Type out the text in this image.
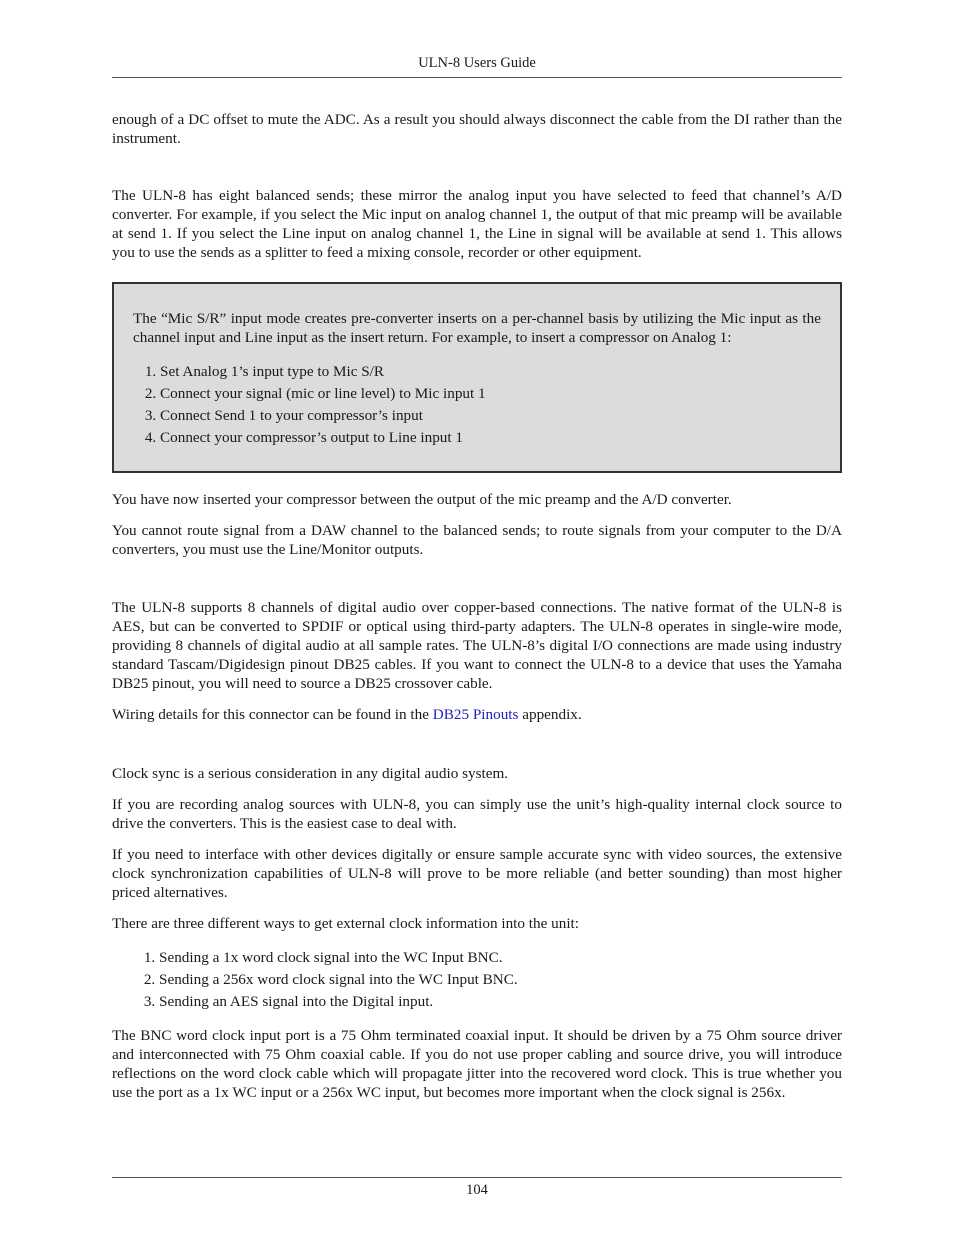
ULN-8 Users Guide

enough of a DC offset to mute the ADC. As a result you should always disconnect the cable from the DI rather than the instrument.

The ULN-8 has eight balanced sends; these mirror the analog input you have selected to feed that channel’s A/D converter. For example, if you select the Mic input on analog channel 1, the output of that mic preamp will be available at send 1. If you select the Line input on analog channel 1, the Line in signal will be available at send 1. This allows you to use the sends as a splitter to feed a mixing console, recorder or other equipment.

The “Mic S/R” input mode creates pre-converter inserts on a per-channel basis by utilizing the Mic input as the channel input and Line input as the insert return. For example, to insert a compressor on Analog 1:

1. Set Analog 1’s input type to Mic S/R
2. Connect your signal (mic or line level) to Mic input 1
3. Connect Send 1 to your compressor’s input
4. Connect your compressor’s output to Line input 1

You have now inserted your compressor between the output of the mic preamp and the A/D converter.

You cannot route signal from a DAW channel to the balanced sends; to route signals from your computer to the D/A converters, you must use the Line/Monitor outputs.

The ULN-8 supports 8 channels of digital audio over copper-based connections. The native format of the ULN-8 is AES, but can be converted to SPDIF or optical using third-party adapters. The ULN-8 operates in single-wire mode, providing 8 channels of digital audio at all sample rates. The ULN-8’s digital I/O connections are made using industry standard Tascam/Digidesign pinout DB25 cables. If you want to connect the ULN-8 to a device that uses the Yamaha DB25 pinout, you will need to source a DB25 crossover cable.

Wiring details for this connector can be found in the DB25 Pinouts appendix.

Clock sync is a serious consideration in any digital audio system.

If you are recording analog sources with ULN-8, you can simply use the unit’s high-quality internal clock source to drive the converters. This is the easiest case to deal with.

If you need to interface with other devices digitally or ensure sample accurate sync with video sources, the extensive clock synchronization capabilities of ULN-8 will prove to be more reliable (and better sounding) than most higher priced alternatives.

There are three different ways to get external clock information into the unit:

1. Sending a 1x word clock signal into the WC Input BNC.
2. Sending a 256x word clock signal into the WC Input BNC.
3. Sending an AES signal into the Digital input.

The BNC word clock input port is a 75 Ohm terminated coaxial input. It should be driven by a 75 Ohm source driver and interconnected with 75 Ohm coaxial cable. If you do not use proper cabling and source drive, you will introduce reflections on the word clock cable which will propagate jitter into the recovered word clock. This is true whether you use the port as a 1x WC input or a 256x WC input, but becomes more important when the clock signal is 256x.

104
